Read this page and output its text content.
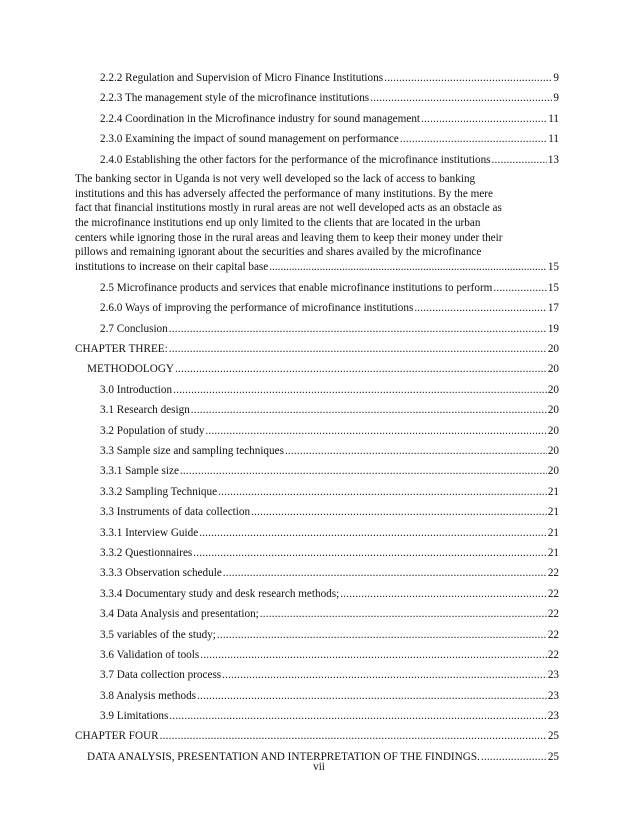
2.2.2 Regulation and Supervision of Micro Finance Institutions .....	9
2.2.3 The management style of the microfinance institutions .....	9
2.2.4 Coordination in the Microfinance industry for sound management .....	11
2.3.0 Examining the impact of sound management on performance .....	11
2.4.0 Establishing the other factors for the performance of the microfinance institutions .....	13
The banking sector in Uganda is not very well developed so the lack of access to banking
institutions and this has adversely affected the performance of many institutions. By the mere
fact that financial institutions mostly in rural areas are not well developed acts as an obstacle as
the microfinance institutions end up only limited to the clients that are located in the urban
centers while ignoring those in the rural areas and leaving them to keep their money under their
pillows and remaining ignorant about the securities and shares availed by the microfinance
institutions to increase on their capital base .....	15
2.5 Microfinance products and services that enable microfinance institutions to perform .....	15
2.6.0 Ways of improving the performance of microfinance institutions .....	17
2.7 Conclusion .....	19
CHAPTER THREE: .....	20
METHODOLOGY .....	20
3.0 Introduction .....	20
3.1 Research design .....	20
3.2 Population of study .....	20
3.3 Sample size and sampling techniques .....	20
3.3.1 Sample size .....	20
3.3.2 Sampling Technique .....	21
3.3 Instruments of data collection .....	21
3.3.1 Interview Guide .....	21
3.3.2 Questionnaires .....	21
3.3.3 Observation schedule .....	22
3.3.4 Documentary study and desk research methods; .....	22
3.4 Data Analysis and presentation; .....	22
3.5 variables of the study; .....	22
3.6 Validation of tools .....	22
3.7 Data collection process .....	23
3.8 Analysis methods .....	23
3.9 Limitations .....	23
CHAPTER FOUR .....	25
DATA ANALYSIS, PRESENTATION AND INTERPRETATION OF THE FINDINGS. .....	25
vii
